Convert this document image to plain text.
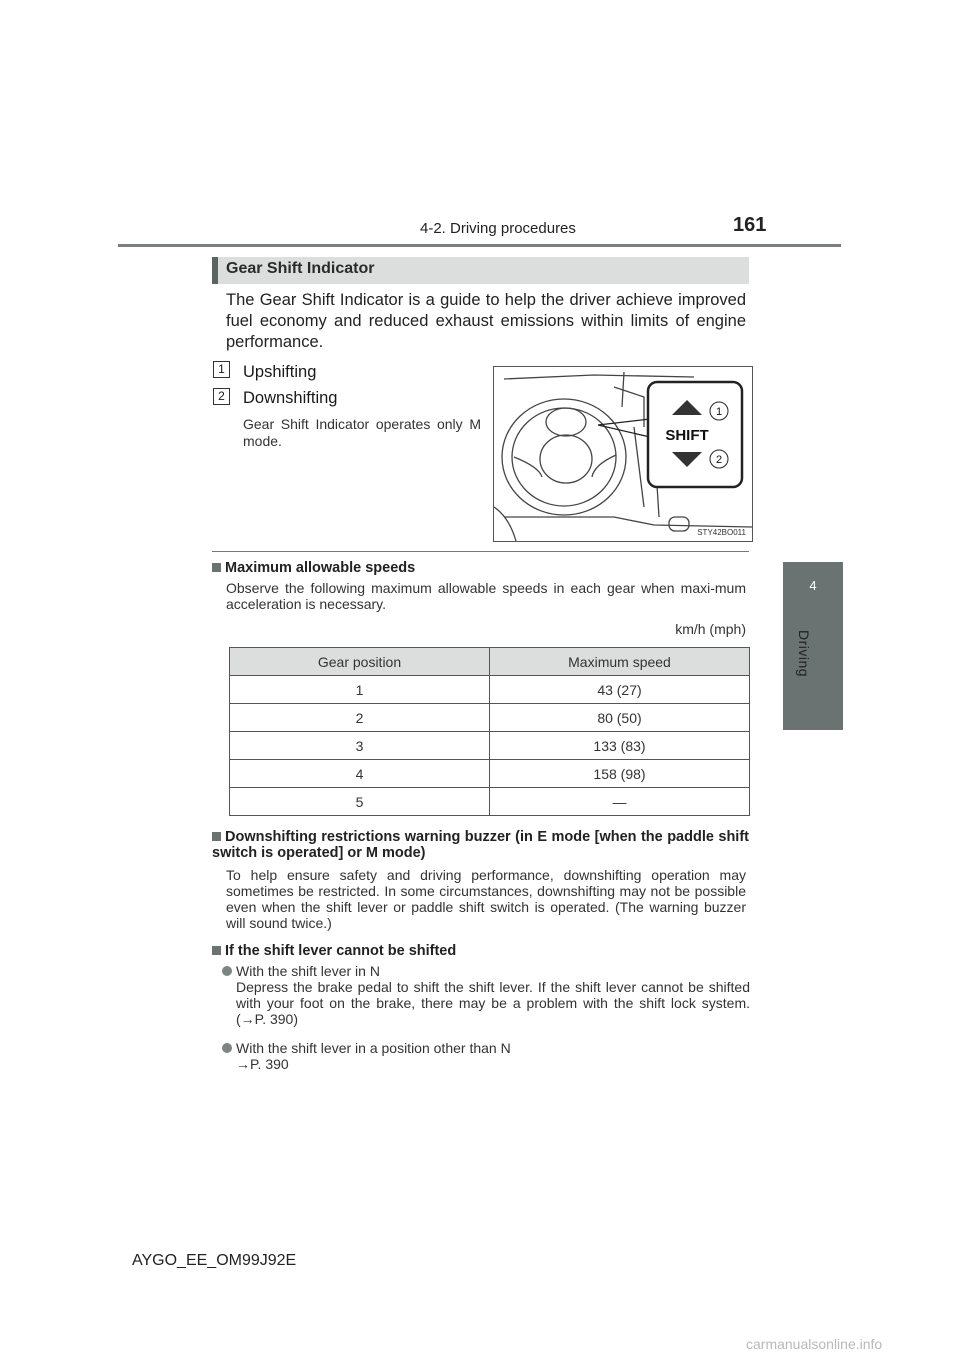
4-2. Driving procedures	161
4
Driving
Gear Shift Indicator
The Gear Shift Indicator is a guide to help the driver achieve improved fuel economy and reduced exhaust emissions within limits of engine performance.
1	Upshifting
2	Downshifting
Gear Shift Indicator operates only M mode.	SHIFT
1
2
STY42BO011
Maximum allowable speeds
Observe the following maximum allowable speeds in each gear when maxi-mum acceleration is necessary.
km/h (mph)
Gear position	Maximum speed
1	43 (27)
2	80 (50)
3	133 (83)
4	158 (98)
5	—
Downshifting restrictions warning buzzer (in E mode [when the paddle shift switch is operated] or M mode)
To help ensure safety and driving performance, downshifting operation may sometimes be restricted. In some circumstances, downshifting may not be possible even when the shift lever or paddle shift switch is operated. (The warning buzzer will sound twice.)
If the shift lever cannot be shifted
With the shift lever in N
Depress the brake pedal to shift the shift lever. If the shift lever cannot be shifted with your foot on the brake, there may be a problem with the shift lock system. (→P. 390)
With the shift lever in a position other than N
→P. 390
AYGO_EE_OM99J92E
carmanualsonline.info
